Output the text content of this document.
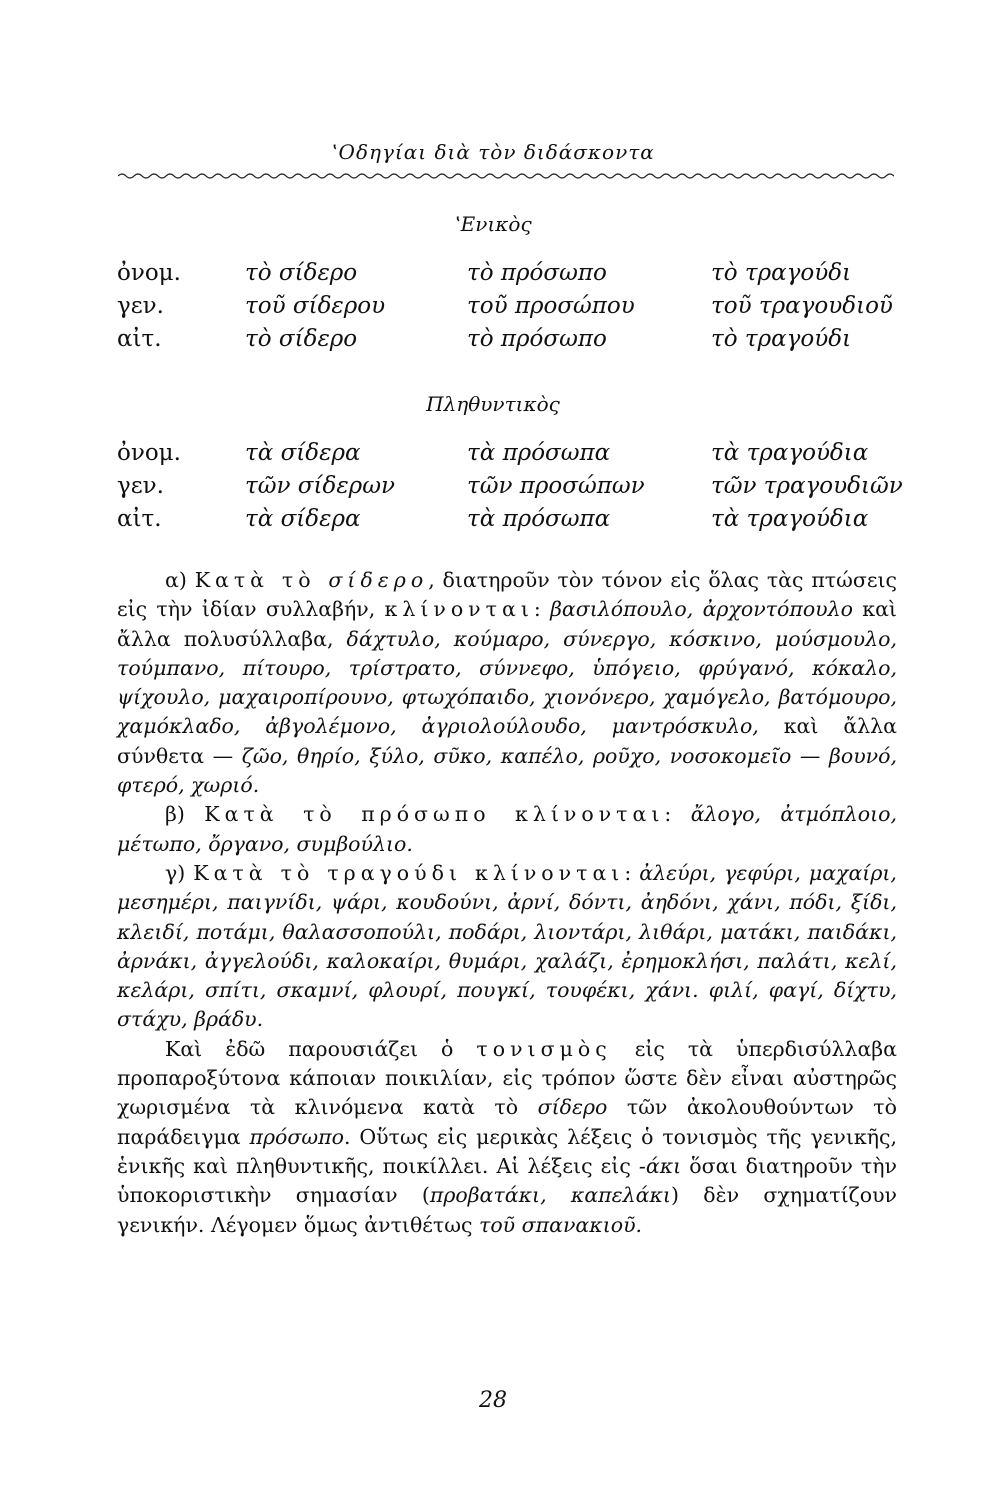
ʽΟδηγίαι διὰ τὸν διδάσκοντα
ʽΕνικὸς
ὀνομ.	τὸ σίδερο	τὸ πρόσωπο	τὸ τραγούδι
γεν.	τοῦ σίδερου	τοῦ προσώπου	τοῦ τραγουδιοῦ
αἰτ.	τὸ σίδερο	τὸ πρόσωπο	τὸ τραγούδι
Πληθυντικὸς
ὀνομ.	τὰ σίδερα	τὰ πρόσωπα	τὰ τραγούδια
γεν.	τῶν σίδερων	τῶν προσώπων	τῶν τραγουδιῶν
αἰτ.	τὰ σίδερα	τὰ πρόσωπα	τὰ τραγούδια

α) Κατὰ τὸ σίδερο, διατηροῦν τὸν τόνον εἰς ὅλας τὰς πτώσεις εἰς τὴν ἰδίαν συλλαβήν, κλίνονται: βασιλόπουλο, ἀρχοντόπουλο καὶ ἄλλα πολυσύλλαβα, δάχτυλο, κούμαρο, σύνεργο, κόσκινο, μούσμουλο, τούμπανο, πίτουρο, τρίστρατο, σύννεφο, ὑπόγειο, φρύγανό, κόκαλο, ψίχουλο, μαχαιροπίρουνο, φτωχόπαιδο, χιονόνερο, χαμόγελο, βατόμουρο, χαμόκλαδο, ἀβγολέμονο, ἀγριολούλουδο, μαντρόσκυλο, καὶ ἄλλα σύνθετα — ζῶο, θηρίο, ξύλο, σῦκο, καπέλο, ροῦχο, νοσοκομεῖο — βουνό, φτερό, χωριό.

β) Κατὰ τὸ πρόσωπο κλίνονται: ἄλογο, ἀτμόπλοιο, μέτωπο, ὄργανο, συμβούλιο.

γ) Κατὰ τὸ τραγούδι κλίνονται: ἀλεύρι, γεφύρι, μαχαίρι, μεσημέρι, παιγνίδι, ψάρι, κουδούνι, ἀρνί, δόντι, ἀηδόνι, χάνι, πόδι, ξίδι, κλειδί, ποτάμι, θαλασσοπούλι, ποδάρι, λιοντάρι, λιθάρι, ματάκι, παιδάκι, ἀρνάκι, ἀγγελούδι, καλοκαίρι, θυμάρι, χαλάζι, ἐρημοκλήσι, παλάτι, κελί, κελάρι, σπίτι, σκαμνί, φλουρί, πουγκί, τουφέκι, χάνι. φιλί, φαγί, δίχτυ, στάχυ, βράδυ.

Καὶ ἐδῶ παρουσιάζει ὁ τονισμὸς εἰς τὰ ὑπερδισύλλαβα προπαροξύτονα κάποιαν ποικιλίαν, εἰς τρόπον ὥστε δὲν εἶναι αὐστηρῶς χωρισμένα τὰ κλινόμενα κατὰ τὸ σίδερο τῶν ἀκολουθούντων τὸ παράδειγμα πρόσωπο. Οὕτως εἰς μερικὰς λέξεις ὁ τονισμὸς τῆς γενικῆς, ἑνικῆς καὶ πληθυντικῆς, ποικίλλει. Αἱ λέξεις εἰς -άκι ὅσαι διατηροῦν τὴν ὑποκοριστικὴν σημασίαν (προβατάκι, καπελάκι) δὲν σχηματίζουν γενικήν. Λέγομεν ὅμως ἀντιθέτως τοῦ σπανακιοῦ.

28
